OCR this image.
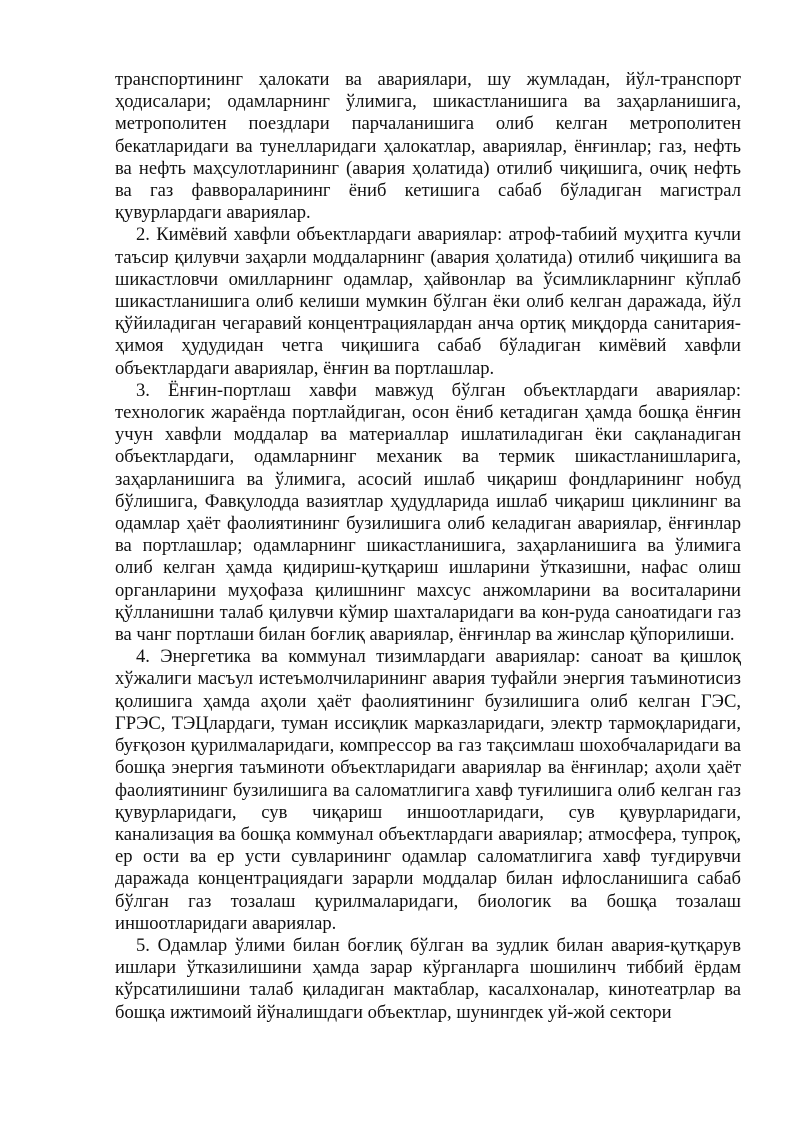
транспортининг ҳалокати ва авариялари, шу жумладан, йўл-транспорт ҳодисалари; одамларнинг ўлимига, шикастланишига ва заҳарланишига, метрополитен поездлари парчаланишига олиб келган метрополитен бекатларидаги ва тунелларидаги ҳалокатлар, авариялар, ёнғинлар; газ, нефть ва нефть маҳсулотларининг (авария ҳолатида) отилиб чиқишига, очиқ нефть ва газ фаввораларининг ёниб кетишига сабаб бўладиган магистрал қувурлардаги авариялар.

2. Кимёвий хавфли объектлардаги авариялар: атроф-табиий муҳитга кучли таъсир қилувчи заҳарли моддаларнинг (авария ҳолатида) отилиб чиқишига ва шикастловчи омилларнинг одамлар, ҳайвонлар ва ўсимликларнинг кўплаб шикастланишига олиб келиши мумкин бўлган ёки олиб келган даражада, йўл қўйиладиган чегаравий концентрациялардан анча ортиқ миқдорда санитария-ҳимоя ҳудудидан четга чиқишига сабаб бўладиган кимёвий хавфли объектлардаги авариялар, ёнғин ва портлашлар.

3. Ёнғин-портлаш хавфи мавжуд бўлган объектлардаги авариялар: технологик жараёнда портлайдиган, осон ёниб кетадиган ҳамда бошқа ёнғин учун хавфли моддалар ва материаллар ишлатиладиган ёки сақланадиган объектлардаги, одамларнинг механик ва термик шикастланишларига, заҳарланишига ва ўлимига, асосий ишлаб чиқариш фондларининг нобуд бўлишига, Фавқулодда вазиятлар ҳудудларида ишлаб чиқариш циклининг ва одамлар ҳаёт фаолиятининг бузилишига олиб келадиган авариялар, ёнғинлар ва портлашлар; одамларнинг шикастланишига, заҳарланишига ва ўлимига олиб келган ҳамда қидириш-қутқариш ишларини ўтказишни, нафас олиш органларини муҳофаза қилишнинг махсус анжомларини ва воситаларини қўлланишни талаб қилувчи кўмир шахталаридаги ва кон-руда саноатидаги газ ва чанг портлаши билан боғлиқ авариялар, ёнғинлар ва жинслар қўпорилиши.

4. Энергетика ва коммунал тизимлардаги авариялар: саноат ва қишлоқ хўжалиги масъул истеъмолчиларининг авария туфайли энергия таъминотисиз қолишига ҳамда аҳоли ҳаёт фаолиятининг бузилишига олиб келган ГЭС, ГРЭС, ТЭЦлардаги, туман иссиқлик марказларидаги, электр тармоқларидаги, буғқозон қурилмаларидаги, компрессор ва газ тақсимлаш шохобчаларидаги ва бошқа энергия таъминоти объектларидаги авариялар ва ёнғинлар; аҳоли ҳаёт фаолиятининг бузилишига ва саломатлигига хавф туғилишига олиб келган газ қувурларидаги, сув чиқариш иншоотларидаги, сув қувурларидаги, канализация ва бошқа коммунал объектлардаги авариялар; атмосфера, тупроқ, ер ости ва ер усти сувларининг одамлар саломатлигига хавф туғдирувчи даражада концентрациядаги зарарли моддалар билан ифлосланишига сабаб бўлган газ тозалаш қурилмаларидаги, биологик ва бошқа тозалаш иншоотларидаги авариялар.

5. Одамлар ўлими билан боғлиқ бўлган ва зудлик билан авария-қутқарув ишлари ўтказилишини ҳамда зарар кўрганларга шошилинч тиббий ёрдам кўрсатилишини талаб қиладиган мактаблар, касалхоналар, кинотеатрлар ва бошқа ижтимоий йўналишдаги объектлар, шунингдек уй-жой сектори
